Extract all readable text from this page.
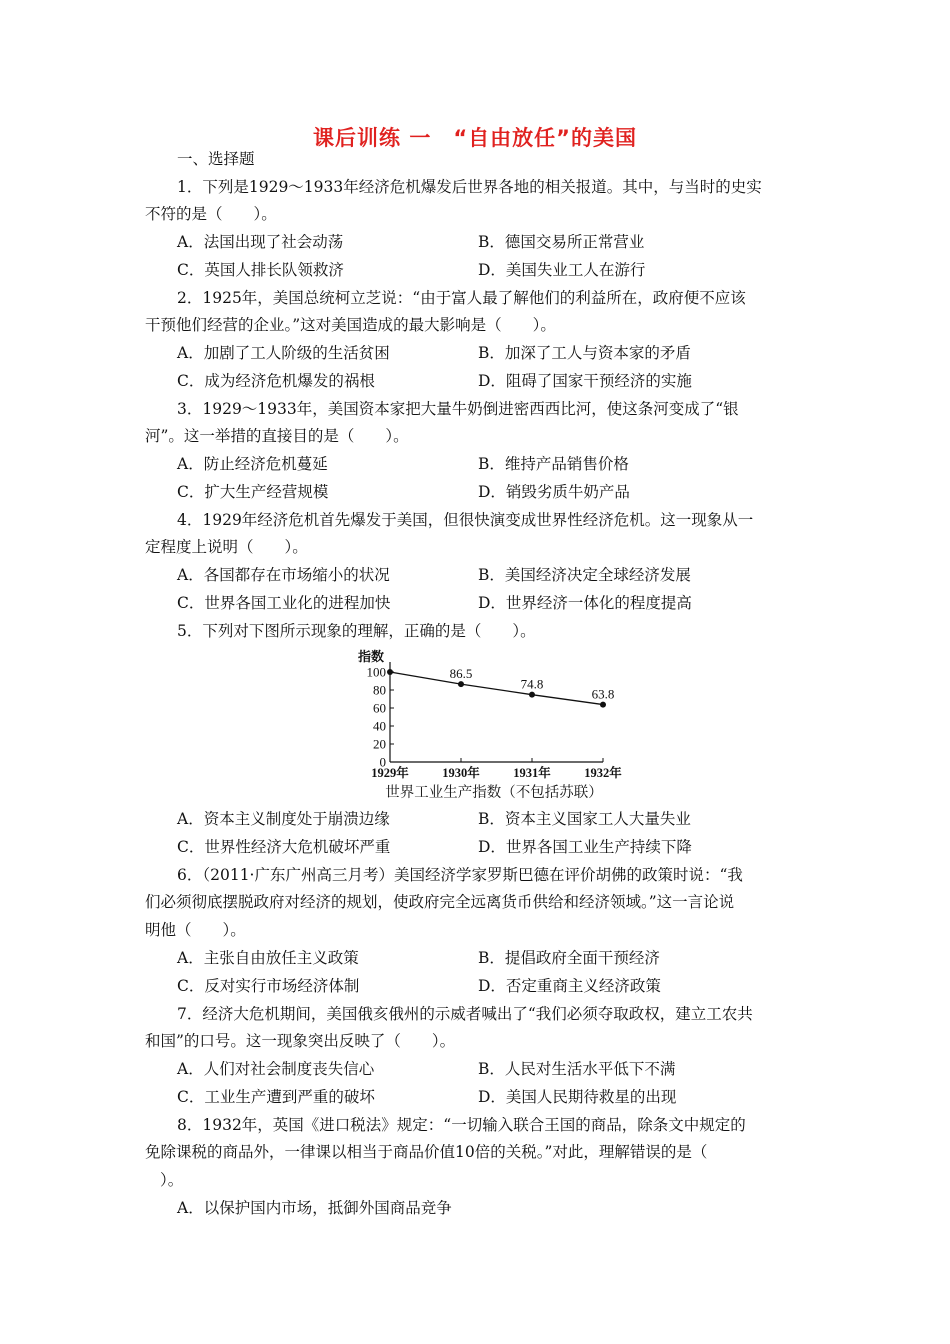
课后训练 一　“自由放任”的美国
一、选择题
1．下列是1929～1933年经济危机爆发后世界各地的相关报道。其中，与当时的史实
不符的是（　　）。
A．法国出现了社会动荡	B．德国交易所正常营业
C．英国人排长队领救济	D．美国失业工人在游行
2．1925年，美国总统柯立芝说：“由于富人最了解他们的利益所在，政府便不应该
干预他们经营的企业。”这对美国造成的最大影响是（　　）。
A．加剧了工人阶级的生活贫困	B．加深了工人与资本家的矛盾
C．成为经济危机爆发的祸根	D．阻碍了国家干预经济的实施
3．1929～1933年，美国资本家把大量牛奶倒进密西西比河，使这条河变成了“银
河”。这一举措的直接目的是（　　）。
A．防止经济危机蔓延	B．维持产品销售价格
C．扩大生产经营规模	D．销毁劣质牛奶产品
4．1929年经济危机首先爆发于美国，但很快演变成世界性经济危机。这一现象从一
定程度上说明（　　）。
A．各国都存在市场缩小的状况	B．美国经济决定全球经济发展
C．世界各国工业化的进程加快	D．世界经济一体化的程度提高
5．下列对下图所示现象的理解，正确的是（　　）。
0
20
40
60
80
100
1929年	1930年	1931年	1932年
指数
86.5
74.8
63.8
世界工业生产指数（不包括苏联）
A．资本主义制度处于崩溃边缘	B．资本主义国家工人大量失业
C．世界性经济大危机破坏严重	D．世界各国工业生产持续下降
6．（2011·广东广州高三月考）美国经济学家罗斯巴德在评价胡佛的政策时说：“我
们必须彻底摆脱政府对经济的规划，使政府完全远离货币供给和经济领域。”这一言论说
明他（　　）。
A．主张自由放任主义政策	B．提倡政府全面干预经济
C．反对实行市场经济体制	D．否定重商主义经济政策
7．经济大危机期间，美国俄亥俄州的示威者喊出了“我们必须夺取政权，建立工农共
和国”的口号。这一现象突出反映了（　　）。
A．人们对社会制度丧失信心	B．人民对生活水平低下不满
C．工业生产遭到严重的破坏	D．美国人民期待救星的出现
8．1932年，英国《进口税法》规定：“一切输入联合王国的商品，除条文中规定的
免除课税的商品外，一律课以相当于商品价值10倍的关税。”对此，理解错误的是（
）。
A．以保护国内市场，抵御外国商品竞争
